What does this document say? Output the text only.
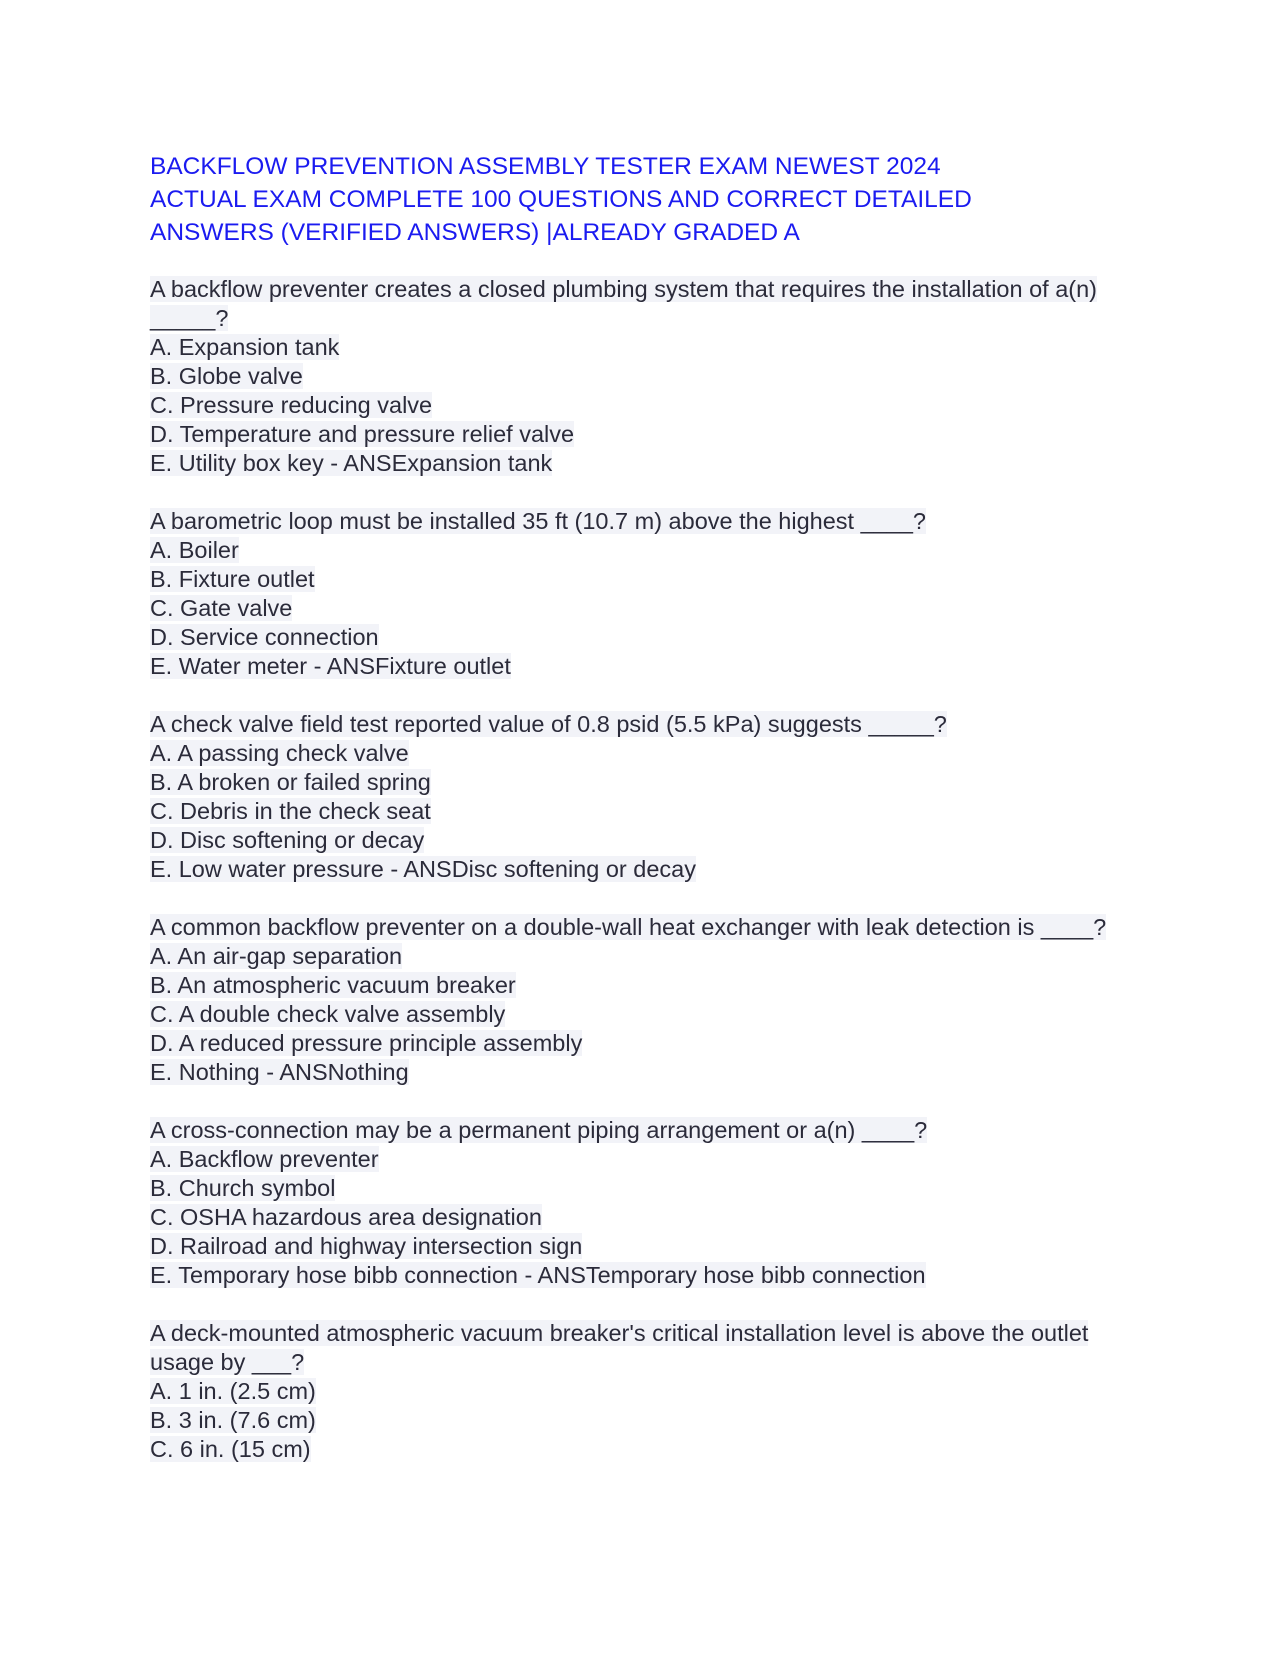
BACKFLOW PREVENTION ASSEMBLY TESTER EXAM NEWEST 2024
ACTUAL EXAM COMPLETE 100 QUESTIONS AND CORRECT DETAILED
ANSWERS (VERIFIED ANSWERS) |ALREADY GRADED A
A backflow preventer creates a closed plumbing system that requires the installation of a(n) _____?
A. Expansion tank
B. Globe valve
C. Pressure reducing valve
D. Temperature and pressure relief valve
E. Utility box key - ANSExpansion tank
A barometric loop must be installed 35 ft (10.7 m) above the highest ____?
A. Boiler
B. Fixture outlet
C. Gate valve
D. Service connection
E. Water meter - ANSFixture outlet
A check valve field test reported value of 0.8 psid (5.5 kPa) suggests _____?
A. A passing check valve
B. A broken or failed spring
C. Debris in the check seat
D. Disc softening or decay
E. Low water pressure - ANSDisc softening or decay
A common backflow preventer on a double-wall heat exchanger with leak detection is ____?
A. An air-gap separation
B. An atmospheric vacuum breaker
C. A double check valve assembly
D. A reduced pressure principle assembly
E. Nothing - ANSNothing
A cross-connection may be a permanent piping arrangement or a(n) ____?
A. Backflow preventer
B. Church symbol
C. OSHA hazardous area designation
D. Railroad and highway intersection sign
E. Temporary hose bibb connection - ANSTemporary hose bibb connection
A deck-mounted atmospheric vacuum breaker's critical installation level is above the outlet usage by ___?
A. 1 in. (2.5 cm)
B. 3 in. (7.6 cm)
C. 6 in. (15 cm)
